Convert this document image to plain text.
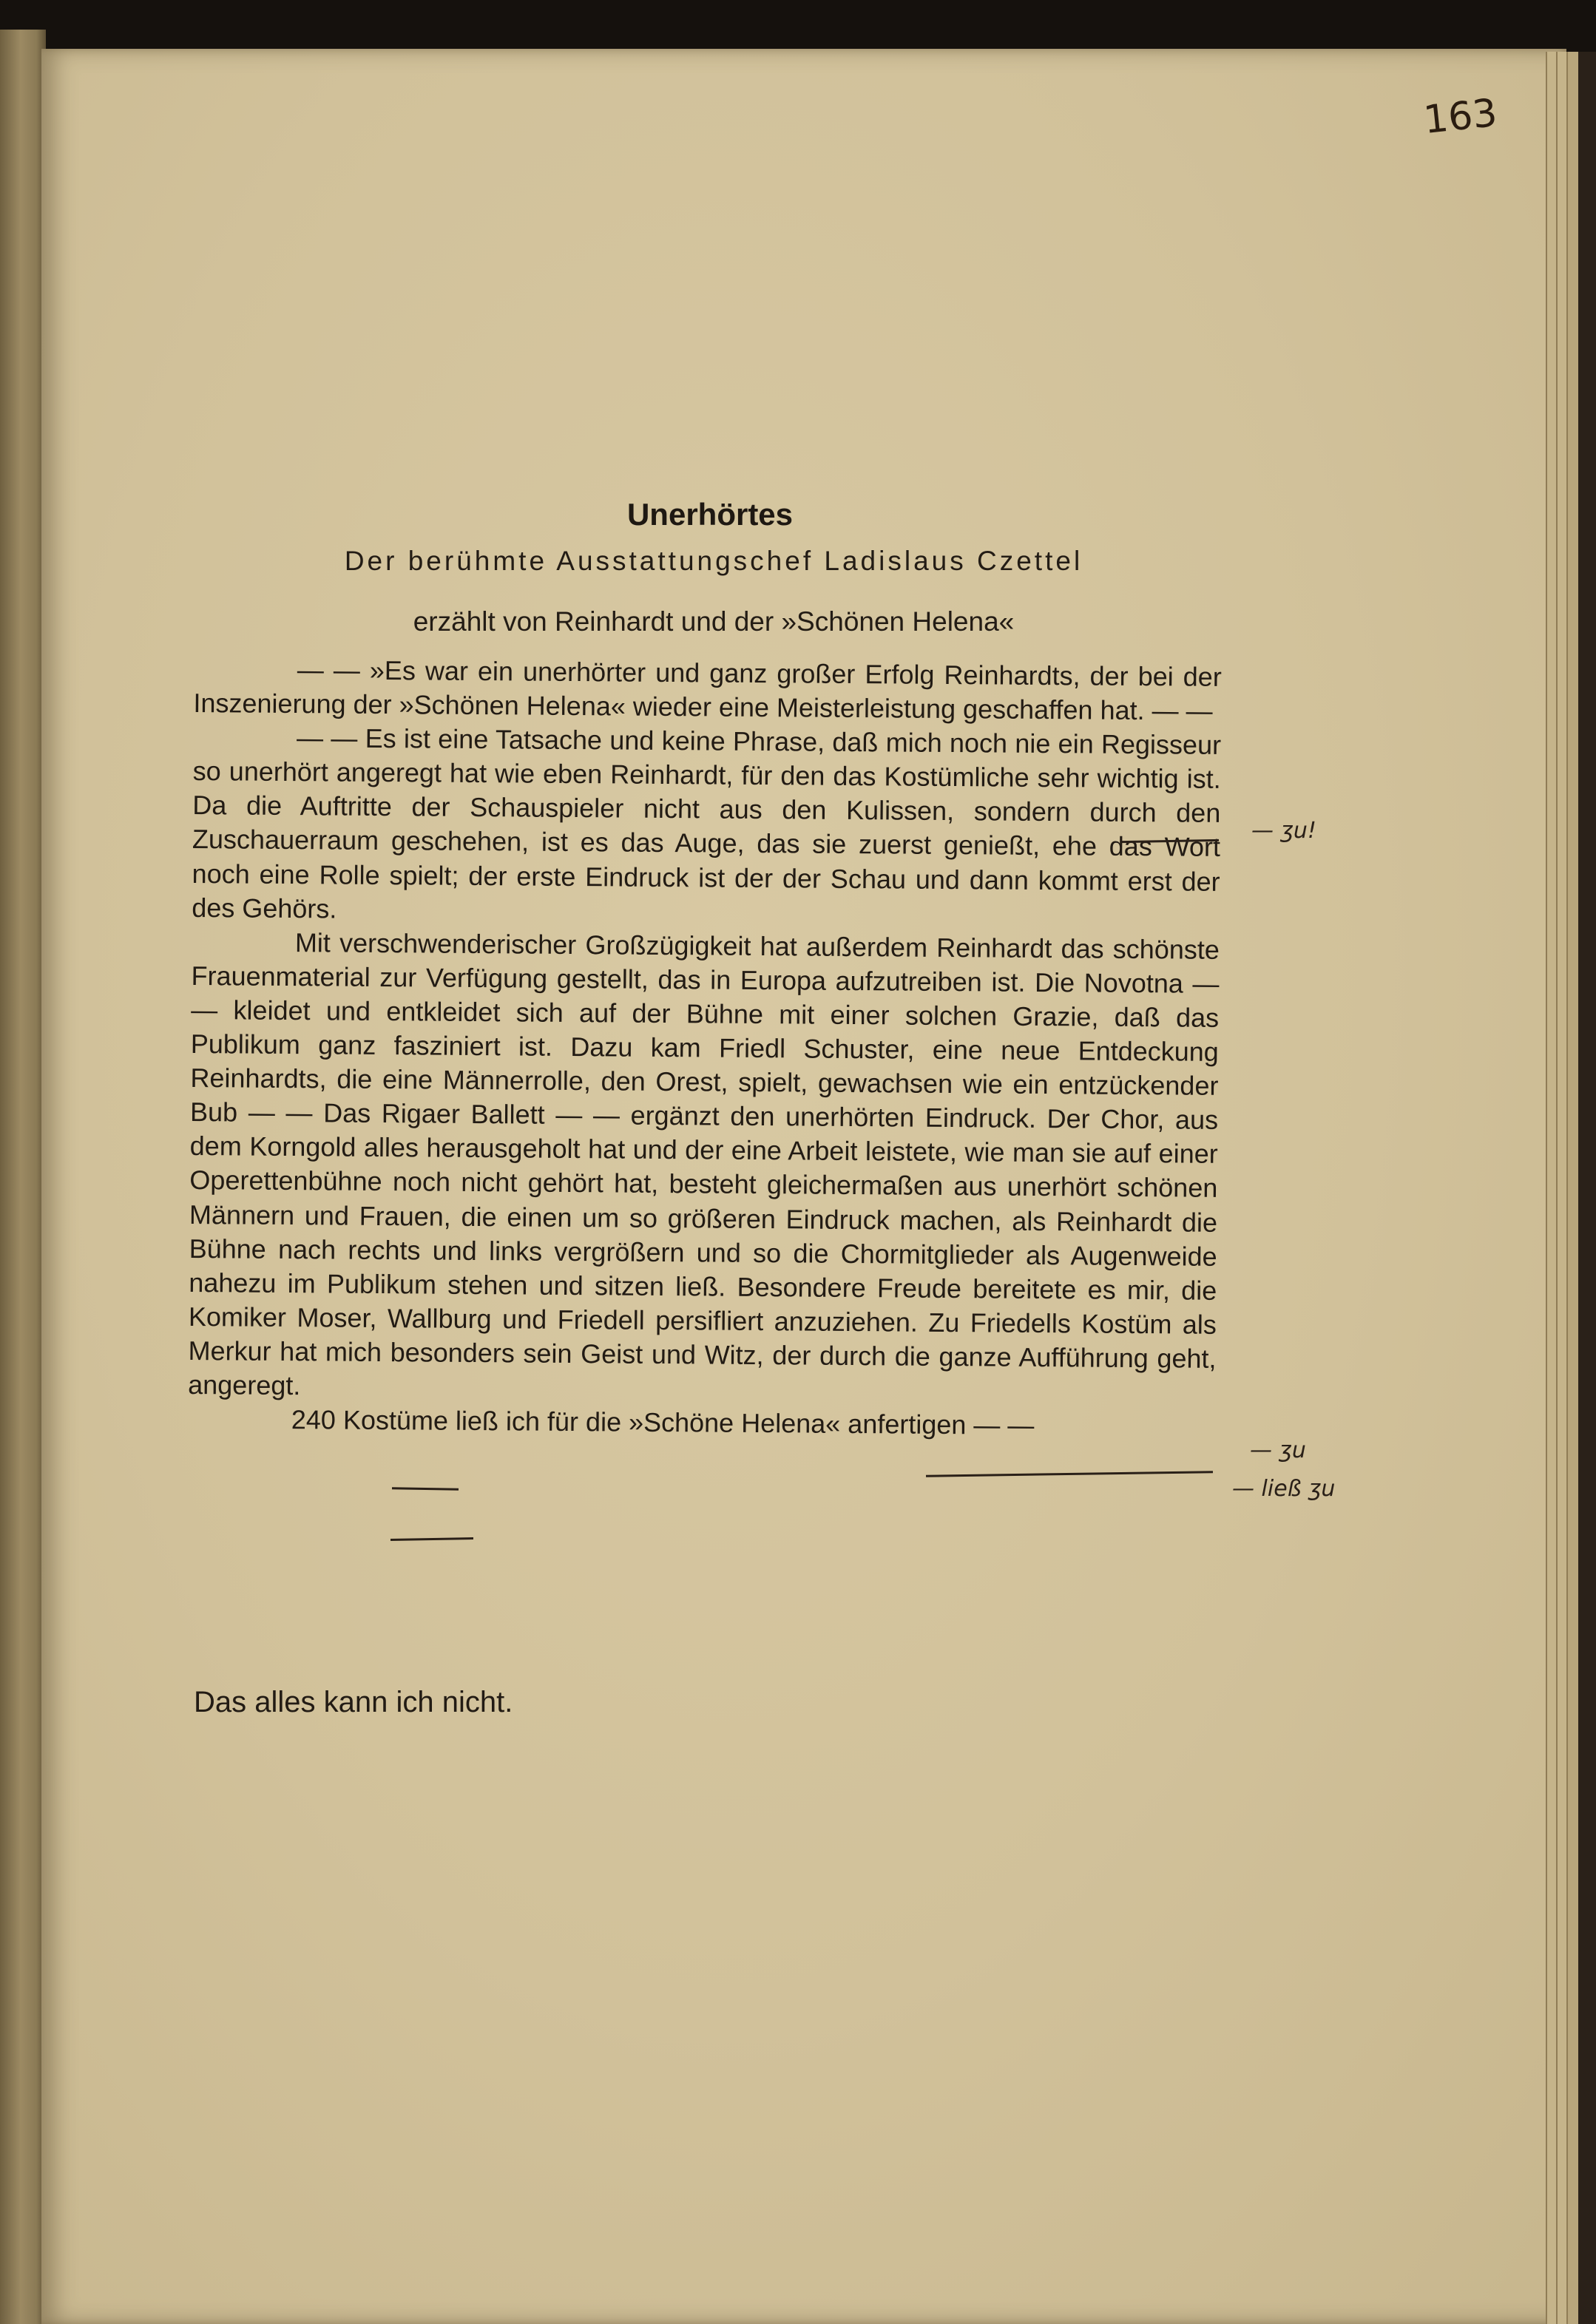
163
Unerhörtes
Der berühmte Ausstattungschef Ladislaus Czettel
erzählt von Reinhardt und der »Schönen Helena«

— — »Es war ein unerhörter und ganz großer Erfolg Reinhardts, der bei der Inszenierung der »Schönen Helena« wieder eine Meisterleistung geschaffen hat. — —

— — Es ist eine Tatsache und keine Phrase, daß mich noch nie ein Regisseur so unerhört angeregt hat wie eben Reinhardt, für den das Kostümliche sehr wichtig ist. Da die Auftritte der Schauspieler nicht aus den Kulissen, sondern durch den Zuschauerraum geschehen, ist es das Auge, das sie zuerst genießt, ehe das Wort noch eine Rolle spielt; der erste Eindruck ist der der Schau und dann kommt erst der des Gehörs.

Mit verschwenderischer Großzügigkeit hat außerdem Reinhardt das schönste Frauenmaterial zur Verfügung gestellt, das in Europa aufzutreiben ist. Die Novotna — — kleidet und entkleidet sich auf der Bühne mit einer solchen Grazie, daß das Publikum ganz fasziniert ist. Dazu kam Friedl Schuster, eine neue Entdeckung Reinhardts, die eine Männerrolle, den Orest, spielt, gewachsen wie ein entzückender Bub — — Das Rigaer Ballett — — ergänzt den unerhörten Eindruck. Der Chor, aus dem Korngold alles herausgeholt hat und der eine Arbeit leistete, wie man sie auf einer Operettenbühne noch nicht gehört hat, besteht gleichermaßen aus unerhört schönen Männern und Frauen, die einen um so größeren Eindruck machen, als Reinhardt die Bühne nach rechts und links vergrößern und so die Chormitglieder als Augenweide nahezu im Publikum stehen und sitzen ließ. Besondere Freude bereitete es mir, die Komiker Moser, Wallburg und Friedell persifliert anzuziehen. Zu Friedells Kostüm als Merkur hat mich besonders sein Geist und Witz, der durch die ganze Aufführung geht, angeregt.

240 Kostüme ließ ich für die »Schöne Helena« anfertigen — —

Das alles kann ich nicht.
— ʒu!
— ʒu
— ließ ʒu
